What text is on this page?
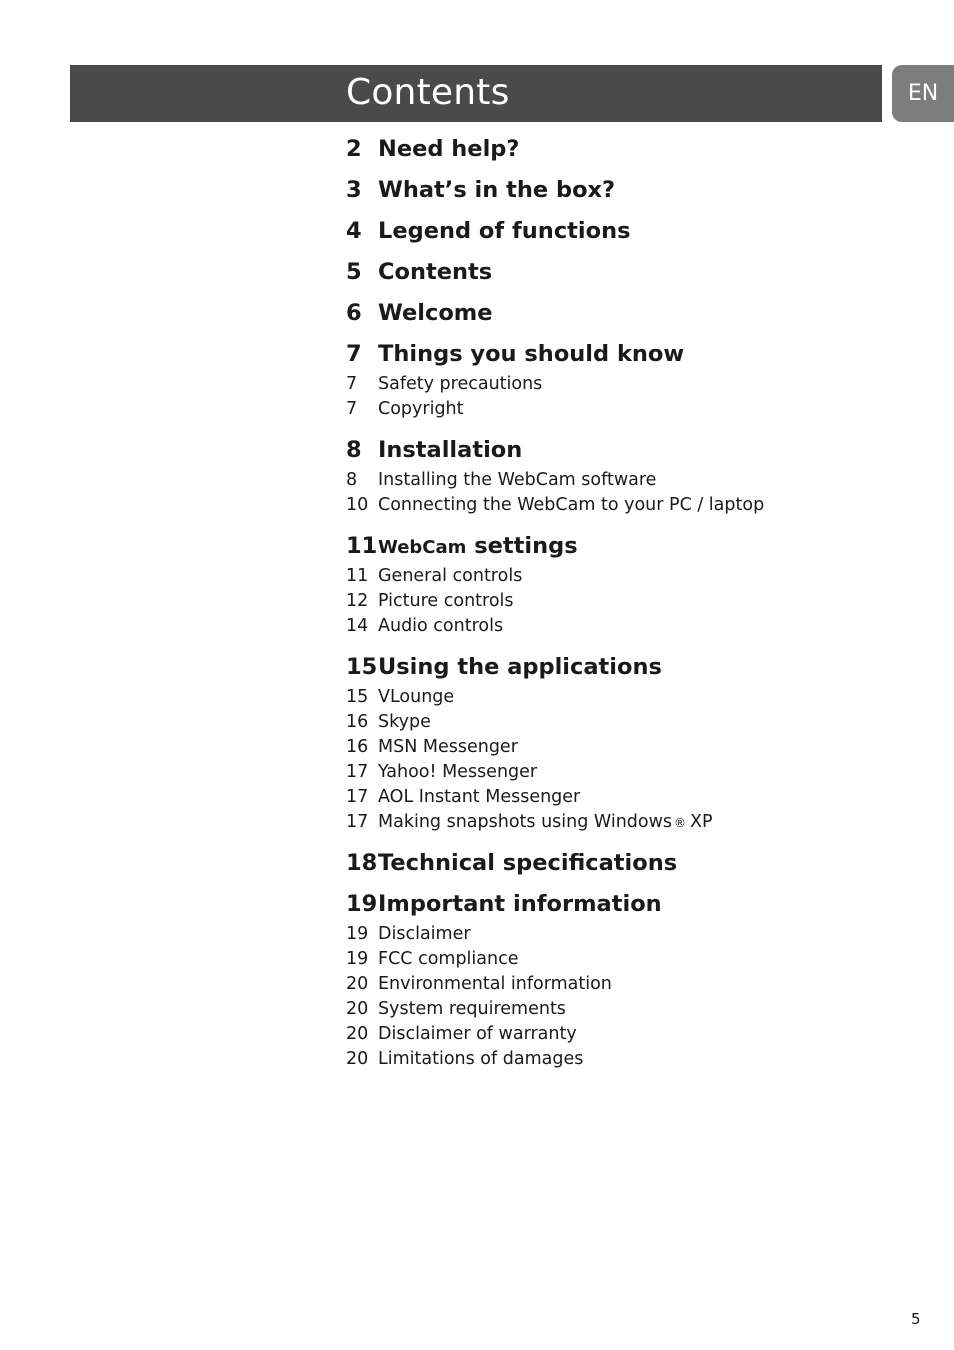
Contents	EN
2 Need help?
3 What’s in the box?
4 Legend of functions
5 Contents
6 Welcome
7 Things you should know
7	Safety precautions
7	Copyright
8 Installation
8	Installing the WebCam software
10 Connecting the WebCam to your PC / laptop
11 WebCam settings
11 General controls
12 Picture controls
14 Audio controls
15 Using the applications
15 VLounge
16 Skype
16 MSN Messenger
17 Yahoo! Messenger
17 AOL Instant Messenger
17 Making snapshots using Windows ® XP
18 Technical specifications
19 Important information
19 Disclaimer
19 FCC compliance
20 Environmental information
20 System requirements
20 Disclaimer of warranty
20 Limitations of damages
5
